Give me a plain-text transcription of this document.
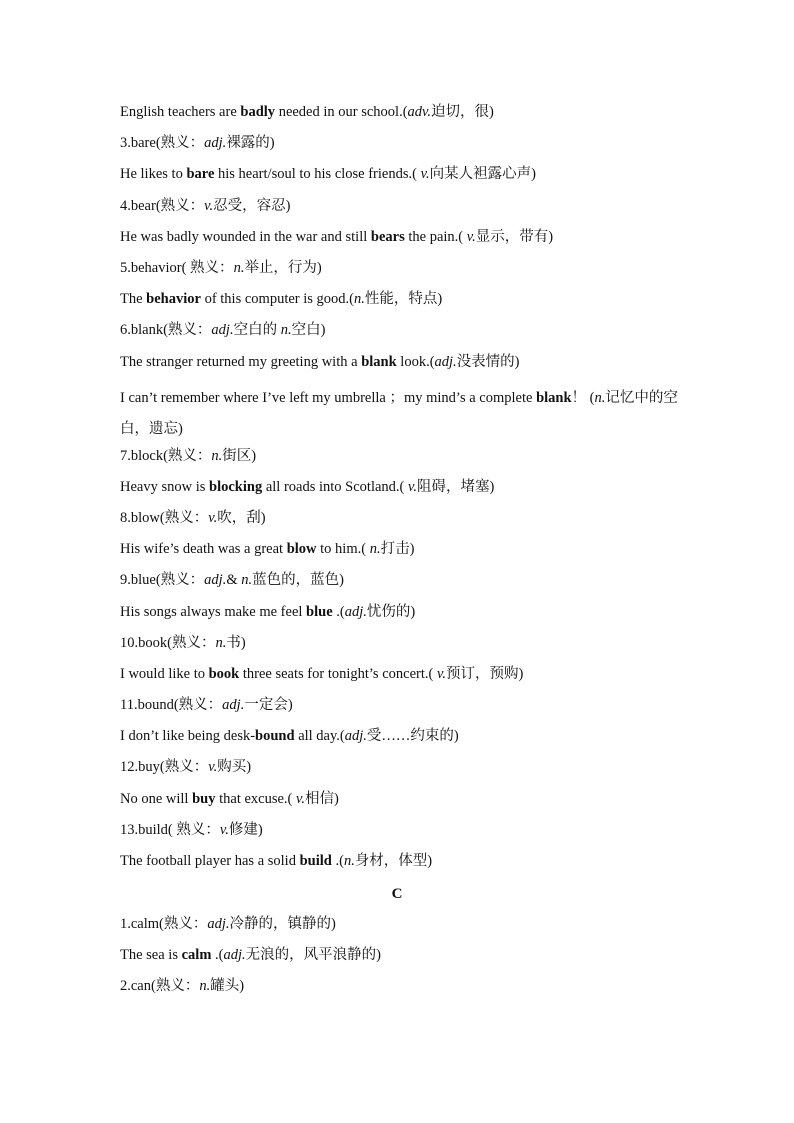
English teachers are badly needed in our school.(adv.迫切，很)
3.bare(熟义：adj.裸露的)
He likes to bare his heart/soul to his close friends.( v.向某人袒露心声)
4.bear(熟义：v.忍受，容忍)
He was badly wounded in the war and still bears the pain.( v.显示，带有)
5.behavior( 熟义：n.举止，行为)
The behavior of this computer is good.(n.性能，特点)
6.blank(熟义：adj.空白的 n.空白)
The stranger returned my greeting with a blank look.(adj.没表情的)
I can’t remember where I’ve left my umbrella ；my mind’s a complete blank！ (n.记忆中的空白，遗忘)
7.block(熟义：n.街区)
Heavy snow is blocking all roads into Scotland.( v.阻碍，堵塞)
8.blow(熟义：v.吹，刮)
His wife’s death was a great blow to him.( n.打击)
9.blue(熟义：adj.& n.蓝色的，蓝色)
His songs always make me feel blue .(adj.忧伤的)
10.book(熟义：n.书)
I would like to book three seats for tonight’s concert.( v.预订，预购)
11.bound(熟义：adj.一定会)
I don’t like being desk-bound all day.(adj.受……约束的)
12.buy(熟义：v.购买)
No one will buy that excuse.( v.相信)
13.build( 熟义：v.修建)
The football player has a solid build .(n.身材，体型)
C
1.calm(熟义：adj.冷静的，镇静的)
The sea is calm .(adj.无浪的，风平浪静的)
2.can(熟义：n.罐头)
